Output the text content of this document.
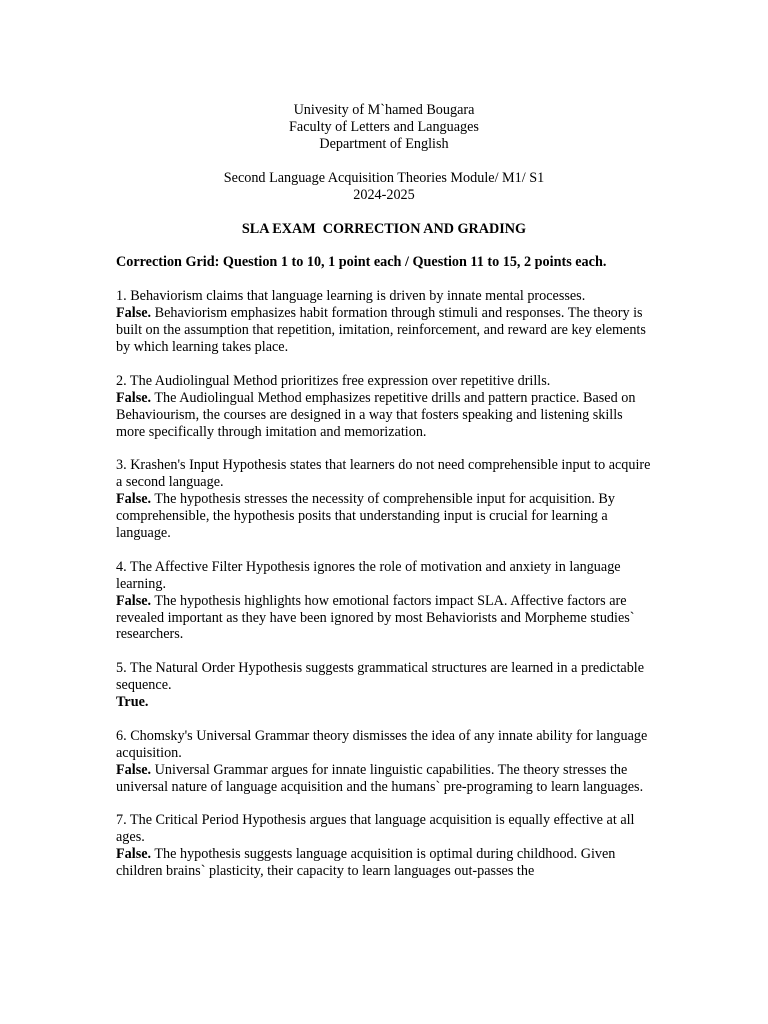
Univesity of M`hamed Bougara
Faculty of Letters and Languages
Department of English
Second Language Acquisition Theories Module/ M1/ S1
2024-2025

SLA EXAM  CORRECTION AND GRADING

Correction Grid: Question 1 to 10, 1 point each / Question 11 to 15, 2 points each.

1. Behaviorism claims that language learning is driven by innate mental processes.

False. Behaviorism emphasizes habit formation through stimuli and responses. The theory is built on the assumption that repetition, imitation, reinforcement, and reward are key elements by which learning takes place.

2. The Audiolingual Method prioritizes free expression over repetitive drills.

False. The Audiolingual Method emphasizes repetitive drills and pattern practice. Based on Behaviourism, the courses are designed in a way that fosters speaking and listening skills more specifically through imitation and memorization.

3. Krashen's Input Hypothesis states that learners do not need comprehensible input to acquire a second language.

False. The hypothesis stresses the necessity of comprehensible input for acquisition. By comprehensible, the hypothesis posits that understanding input is crucial for learning a language.

4. The Affective Filter Hypothesis ignores the role of motivation and anxiety in language learning.

False. The hypothesis highlights how emotional factors impact SLA. Affective factors are revealed important as they have been ignored by most Behaviorists and Morpheme studies` researchers.

5. The Natural Order Hypothesis suggests grammatical structures are learned in a predictable sequence.

True.

6. Chomsky's Universal Grammar theory dismisses the idea of any innate ability for language acquisition.

False. Universal Grammar argues for innate linguistic capabilities. The theory stresses the universal nature of language acquisition and the humans` pre-programing to learn languages.

7. The Critical Period Hypothesis argues that language acquisition is equally effective at all ages.

False. The hypothesis suggests language acquisition is optimal during childhood. Given children brains` plasticity, their capacity to learn languages out-passes the
